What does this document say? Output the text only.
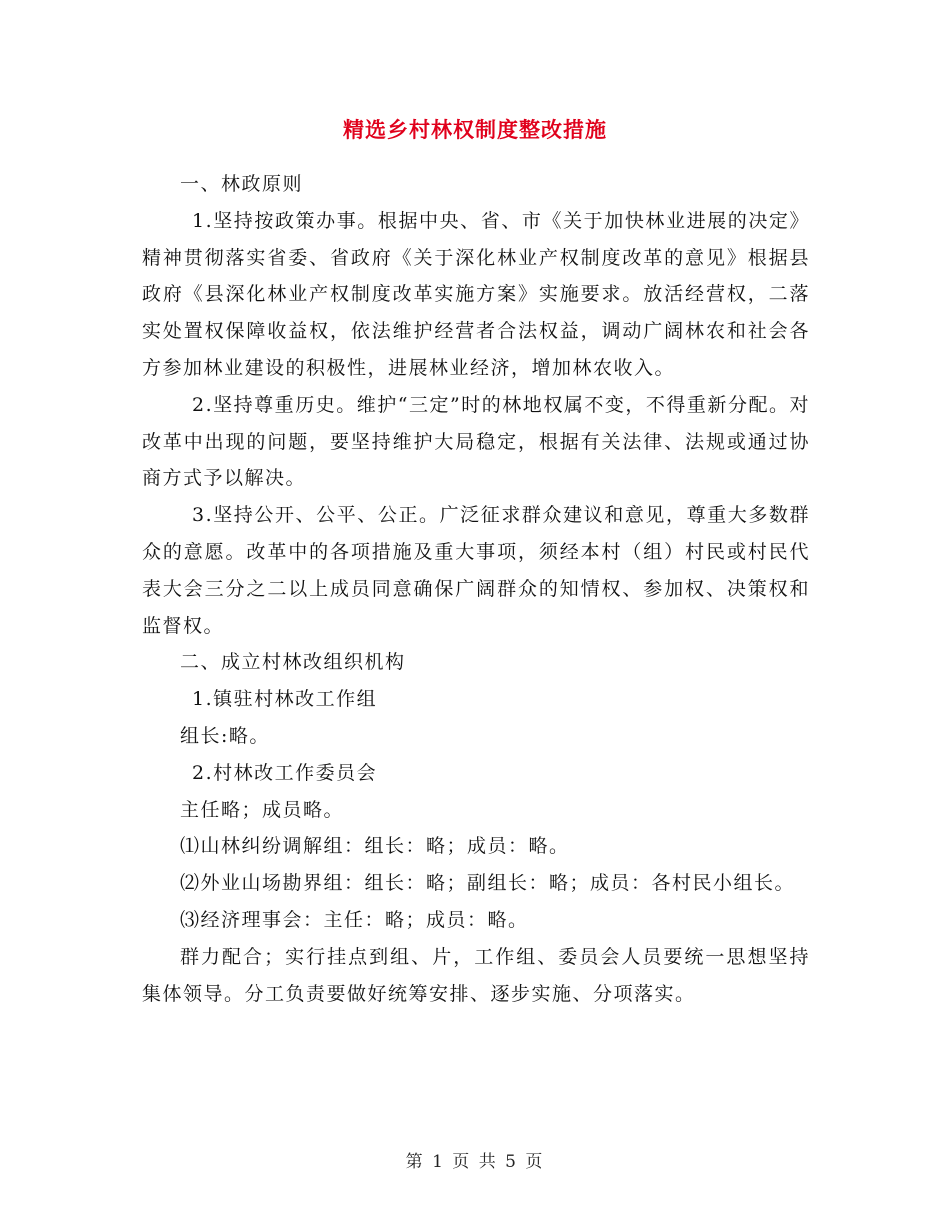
精选乡村林权制度整改措施

一、林政原则

1.坚持按政策办事。根据中央、省、市《关于加快林业进展的决定》精神贯彻落实省委、省政府《关于深化林业产权制度改革的意见》根据县政府《县深化林业产权制度改革实施方案》实施要求。放活经营权，二落实处置权保障收益权，依法维护经营者合法权益，调动广阔林农和社会各方参加林业建设的积极性，进展林业经济，增加林农收入。

2.坚持尊重历史。维护“三定”时的林地权属不变，不得重新分配。对改革中出现的问题，要坚持维护大局稳定，根据有关法律、法规或通过协商方式予以解决。

3.坚持公开、公平、公正。广泛征求群众建议和意见，尊重大多数群众的意愿。改革中的各项措施及重大事项，须经本村（组）村民或村民代表大会三分之二以上成员同意确保广阔群众的知情权、参加权、决策权和监督权。

二、成立村林改组织机构

1.镇驻村林改工作组

组长:略。

2.村林改工作委员会

主任略；成员略。

⑴山林纠纷调解组：组长：略；成员：略。

⑵外业山场勘界组：组长：略；副组长：略；成员：各村民小组长。

⑶经济理事会：主任：略；成员：略。

群力配合；实行挂点到组、片，工作组、委员会人员要统一思想坚持集体领导。分工负责要做好统筹安排、逐步实施、分项落实。

第 1 页 共 5 页
